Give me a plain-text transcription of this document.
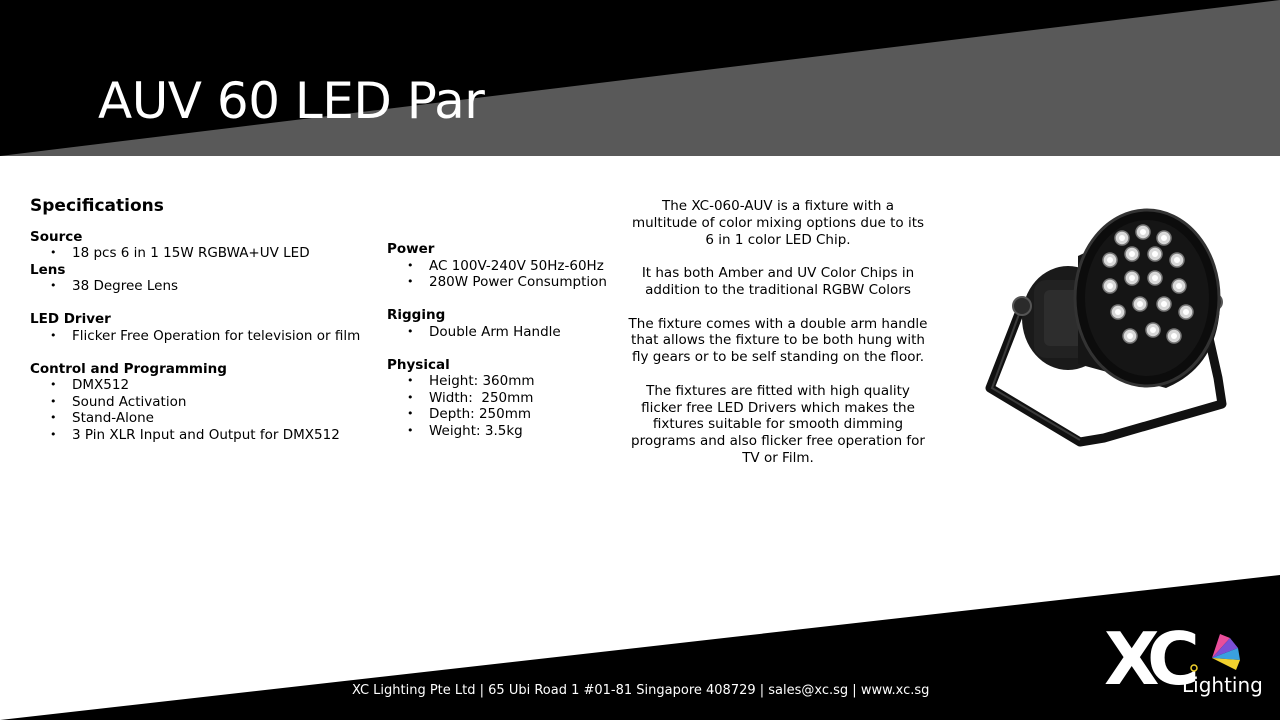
AUV 60 LED Par
Specifications
Source
• 18 pcs 6 in 1 15W RGBWA+UV LED
Lens
• 38 Degree Lens
LED Driver
• Flicker Free Operation for television or film
Control and Programming
• DMX512
• Sound Activation
• Stand-Alone
• 3 Pin XLR Input and Output for DMX512
Power
• AC 100V-240V 50Hz-60Hz
• 280W Power Consumption
Rigging
• Double Arm Handle
Physical
• Height: 360mm
• Width:  250mm
• Depth: 250mm
• Weight: 3.5kg

The XC-060-AUV is a fixture with a multitude of color mixing options due to its 6 in 1 color LED Chip.

It has both Amber and UV Color Chips in addition to the traditional RGBW Colors

The fixture comes with a double arm handle that allows the fixture to be both hung with fly gears or to be self standing on the floor.

The fixtures are fitted with high quality flicker free LED Drivers which makes the fixtures suitable for smooth dimming programs and also flicker free operation for TV or Film.

XC Lighting Pte Ltd | 65 Ubi Road 1 #01-81 Singapore 408729 | sales@xc.sg | www.xc.sg XC
Lighting
